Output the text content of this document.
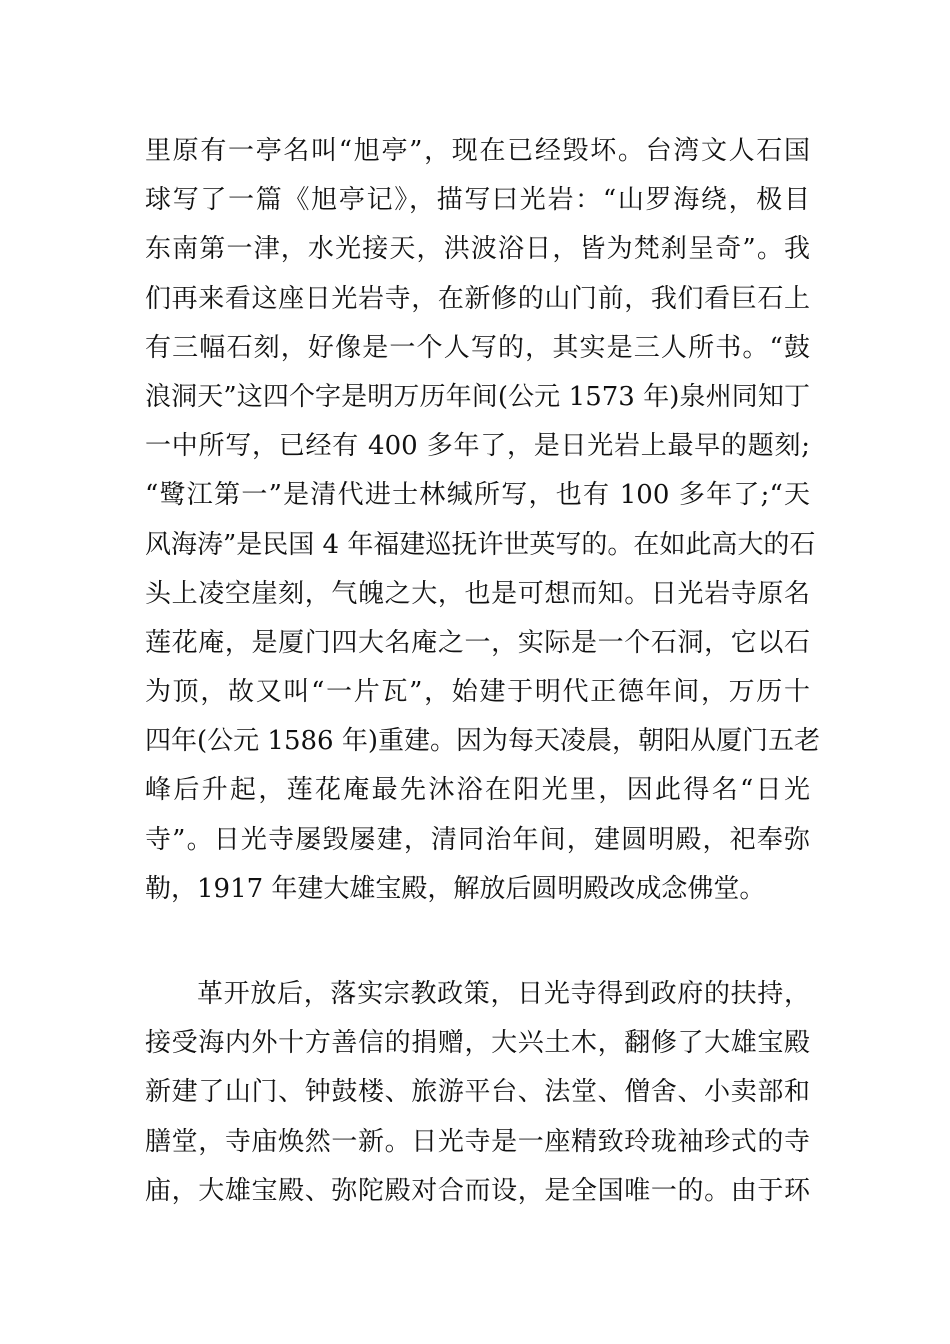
里原有一亭名叫“旭亭”，现在已经毁坏。台湾文人石国
球写了一篇《旭亭记》，描写曰光岩：“山罗海绕，极目
东南第一津，水光接天，洪波浴日，皆为梵刹呈奇”。我
们再来看这座日光岩寺，在新修的山门前，我们看巨石上
有三幅石刻，好像是一个人写的，其实是三人所书。“鼓
浪洞天”这四个字是明万历年间(公元 1573 年)泉州同知丁
一中所写，已经有 400 多年了，是日光岩上最早的题刻;
“鹭江第一”是清代进士林缄所写，也有 100 多年了;“天
风海涛”是民国 4 年福建巡抚许世英写的。在如此高大的石
头上凌空崖刻，气魄之大，也是可想而知。日光岩寺原名
莲花庵，是厦门四大名庵之一，实际是一个石洞，它以石
为顶，故又叫“一片瓦”，始建于明代正德年间，万历十
四年(公元 1586 年)重建。因为每天凌晨，朝阳从厦门五老
峰后升起，莲花庵最先沐浴在阳光里，因此得名“日光
寺”。日光寺屡毁屡建，清同治年间，建圆明殿，祀奉弥
勒，1917 年建大雄宝殿，解放后圆明殿改成念佛堂。
革开放后，落实宗教政策，日光寺得到政府的扶持，
接受海内外十方善信的捐赠，大兴土木，翻修了大雄宝殿
新建了山门、钟鼓楼、旅游平台、法堂、僧舍、小卖部和
膳堂，寺庙焕然一新。日光寺是一座精致玲珑袖珍式的寺
庙，大雄宝殿、弥陀殿对合而设，是全国唯一的。由于环
